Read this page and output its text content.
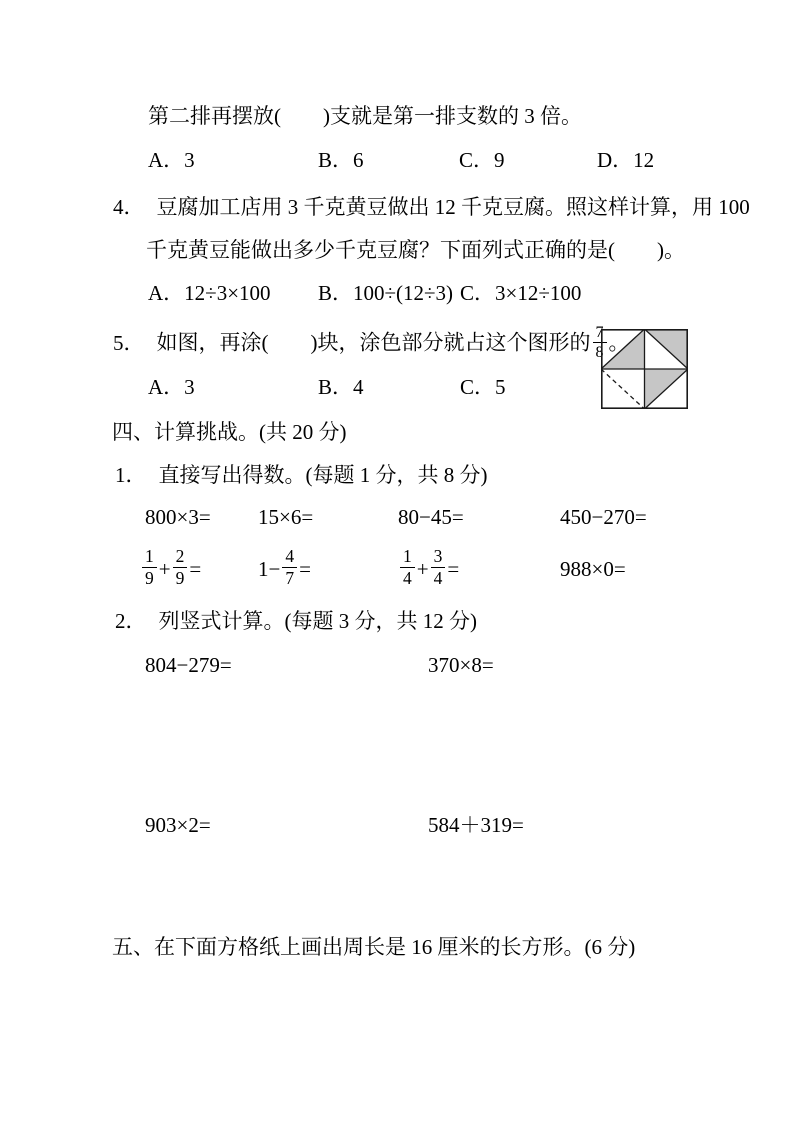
第二排再摆放(　　)支就是第一排支数的 3 倍。
A．3	B．6	C．9	D．12
4． 豆腐加工店用 3 千克黄豆做出 12 千克豆腐。照这样计算，用 100
千克黄豆能做出多少千克豆腐？下面列式正确的是(　　)。
A．12÷3×100 B．100÷(12÷3) C．3×12÷100
5． 如图，再涂(　　)块，涂色部分就占这个图形的 $\frac{7}{8}$ 。
A．3	B．4	C．5
四、计算挑战。(共 20 分)
1． 直接写出得数。(每题 1 分，共 8 分)
800×3= 15×6=	80−45=	450−270=
$\frac{1}{9} + \frac{2}{9}$ =	$1- \frac{4}{7}$ =	$\frac{1}{4} + \frac{3}{4}$ =	988×0=
2． 列竖式计算。(每题 3 分，共 12 分)
804−279=	370×8=
903×2=	584＋319=
五、在下面方格纸上画出周长是 16 厘米的长方形。(6 分)
